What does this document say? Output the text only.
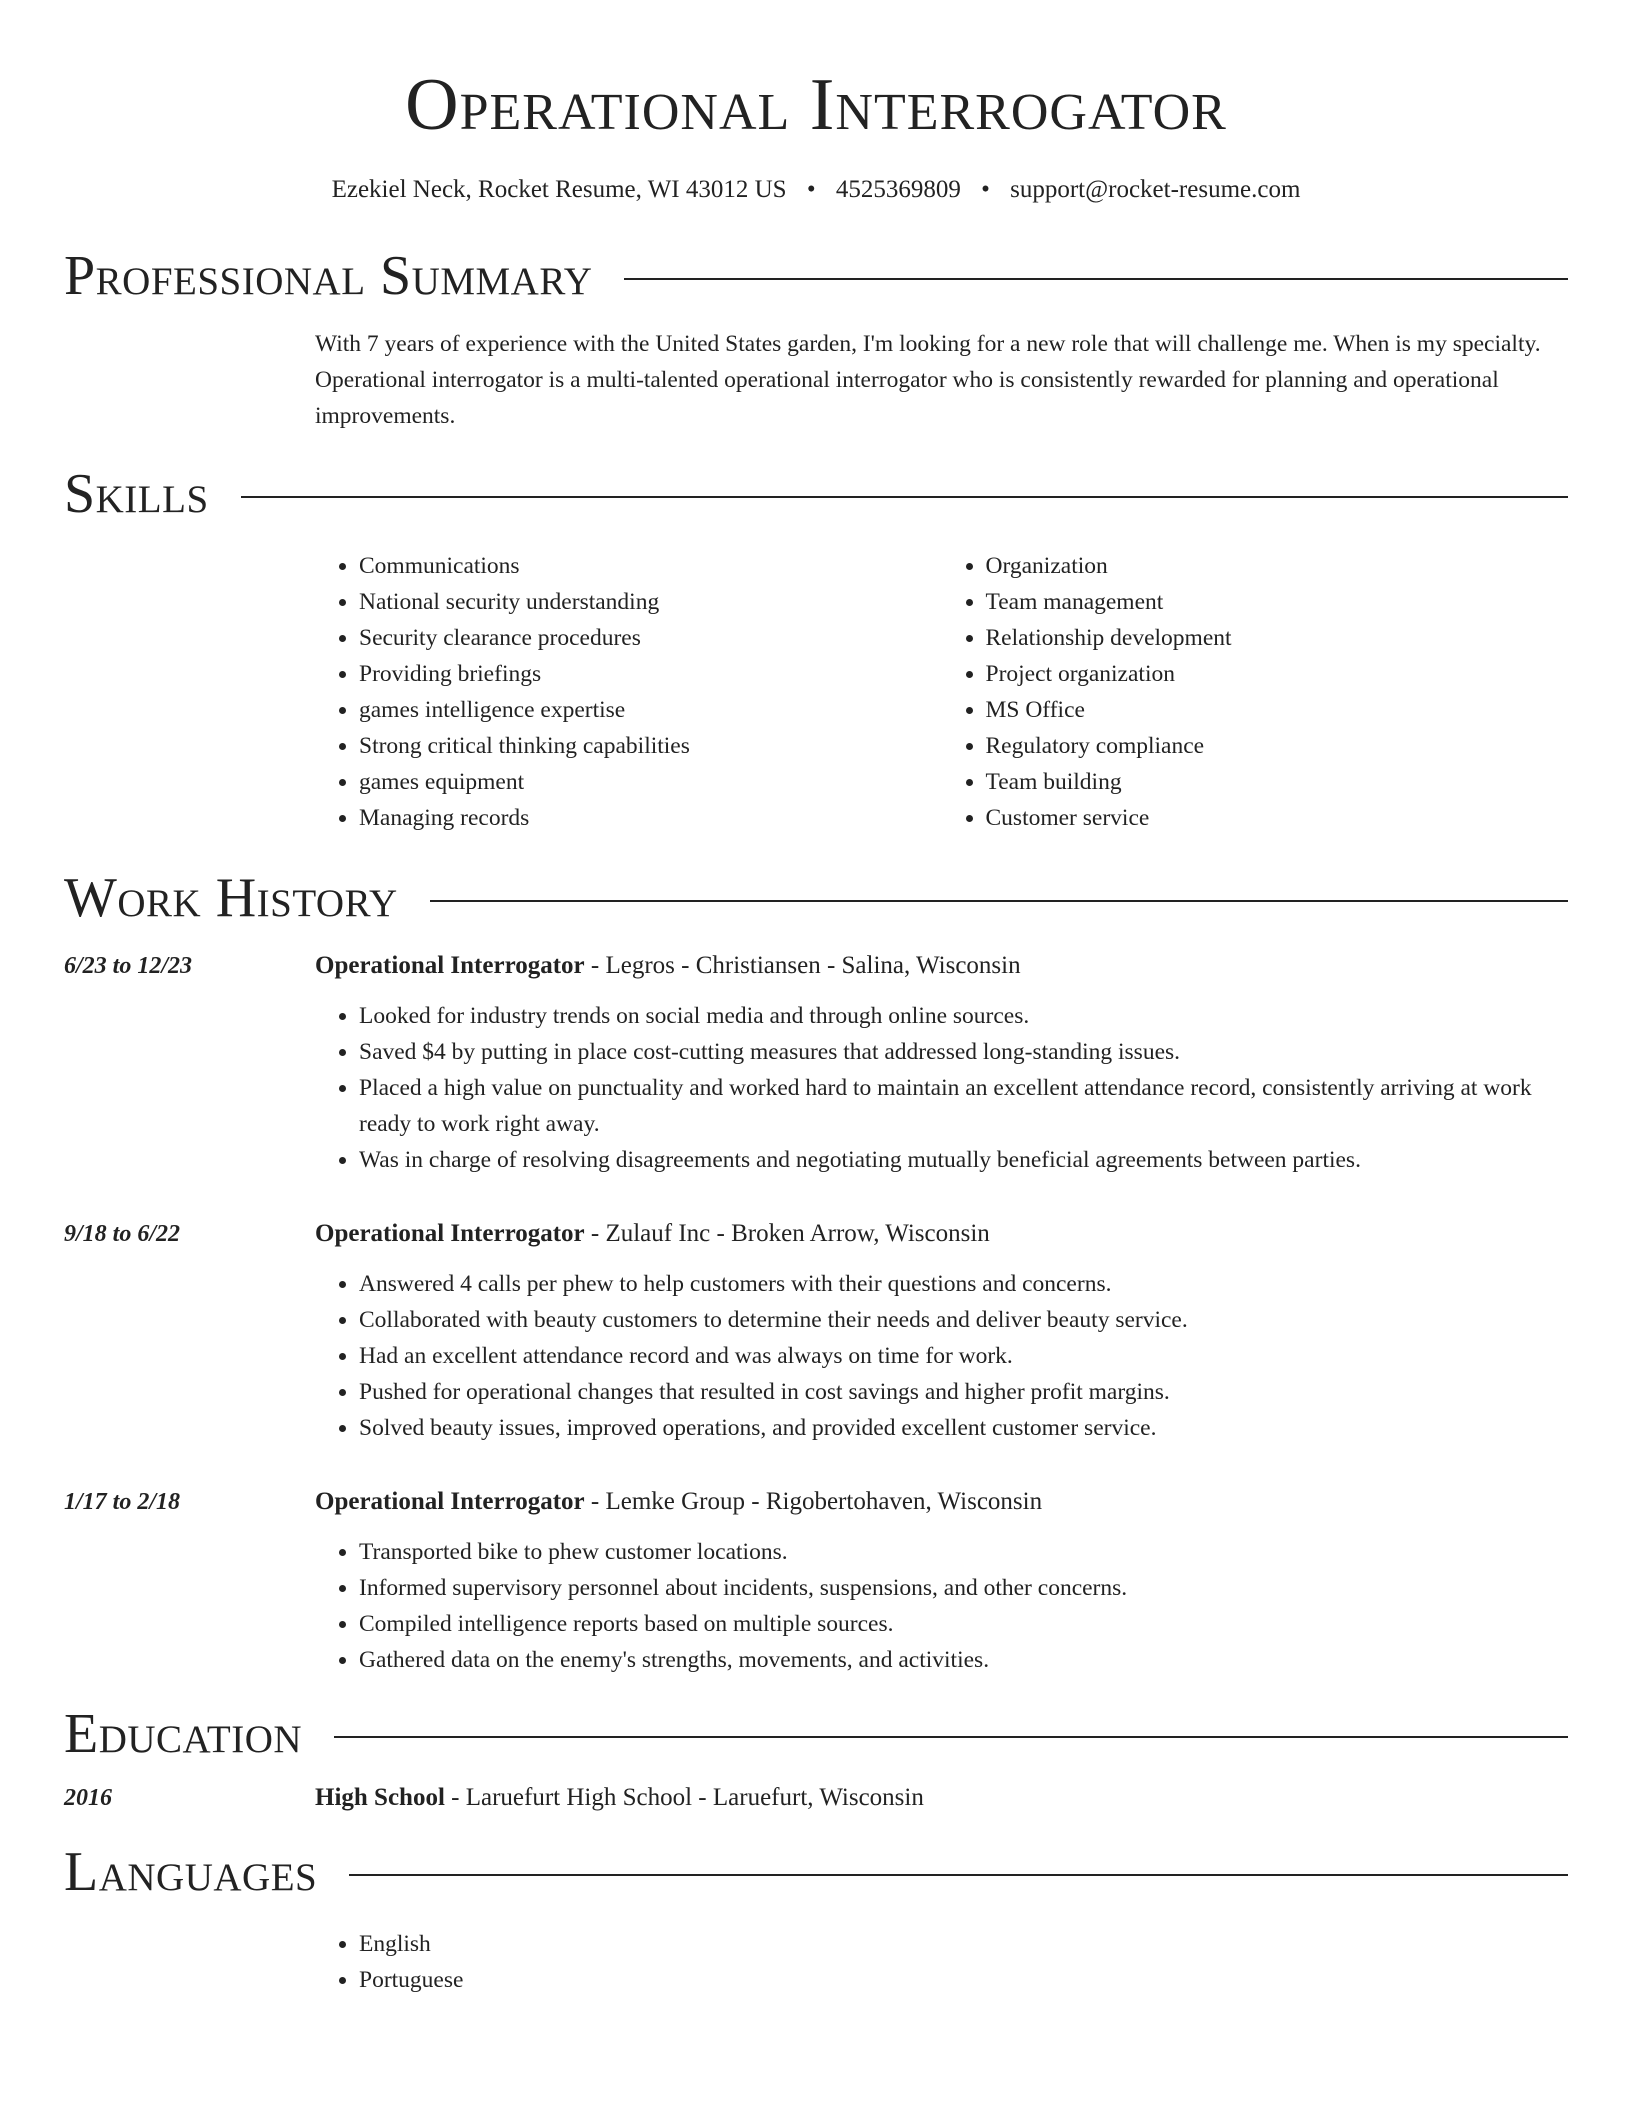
Operational Interrogator
Ezekiel Neck, Rocket Resume, WI 43012 US • 4525369809 • support@rocket-resume.com
Professional Summary
With 7 years of experience with the United States garden, I'm looking for a new role that will challenge me. When is my specialty. Operational interrogator is a multi-talented operational interrogator who is consistently rewarded for planning and operational improvements.
Skills
• Communications
• National security understanding
• Security clearance procedures
• Providing briefings
• games intelligence expertise
• Strong critical thinking capabilities
• games equipment
• Managing records
• Organization
• Team management
• Relationship development
• Project organization
• MS Office
• Regulatory compliance
• Team building
• Customer service
Work History
6/23 to 12/23	Operational Interrogator - Legros - Christiansen - Salina, Wisconsin
• Looked for industry trends on social media and through online sources.
• Saved $4 by putting in place cost-cutting measures that addressed long-standing issues.
• Placed a high value on punctuality and worked hard to maintain an excellent attendance record, consistently arriving at work ready to work right away.
• Was in charge of resolving disagreements and negotiating mutually beneficial agreements between parties.
9/18 to 6/22	Operational Interrogator - Zulauf Inc - Broken Arrow, Wisconsin
• Answered 4 calls per phew to help customers with their questions and concerns.
• Collaborated with beauty customers to determine their needs and deliver beauty service.
• Had an excellent attendance record and was always on time for work.
• Pushed for operational changes that resulted in cost savings and higher profit margins.
• Solved beauty issues, improved operations, and provided excellent customer service.
1/17 to 2/18	Operational Interrogator - Lemke Group - Rigobertohaven, Wisconsin
• Transported bike to phew customer locations.
• Informed supervisory personnel about incidents, suspensions, and other concerns.
• Compiled intelligence reports based on multiple sources.
• Gathered data on the enemy's strengths, movements, and activities.
Education
2016	High School - Laruefurt High School - Laruefurt, Wisconsin
Languages
• English
• Portuguese
